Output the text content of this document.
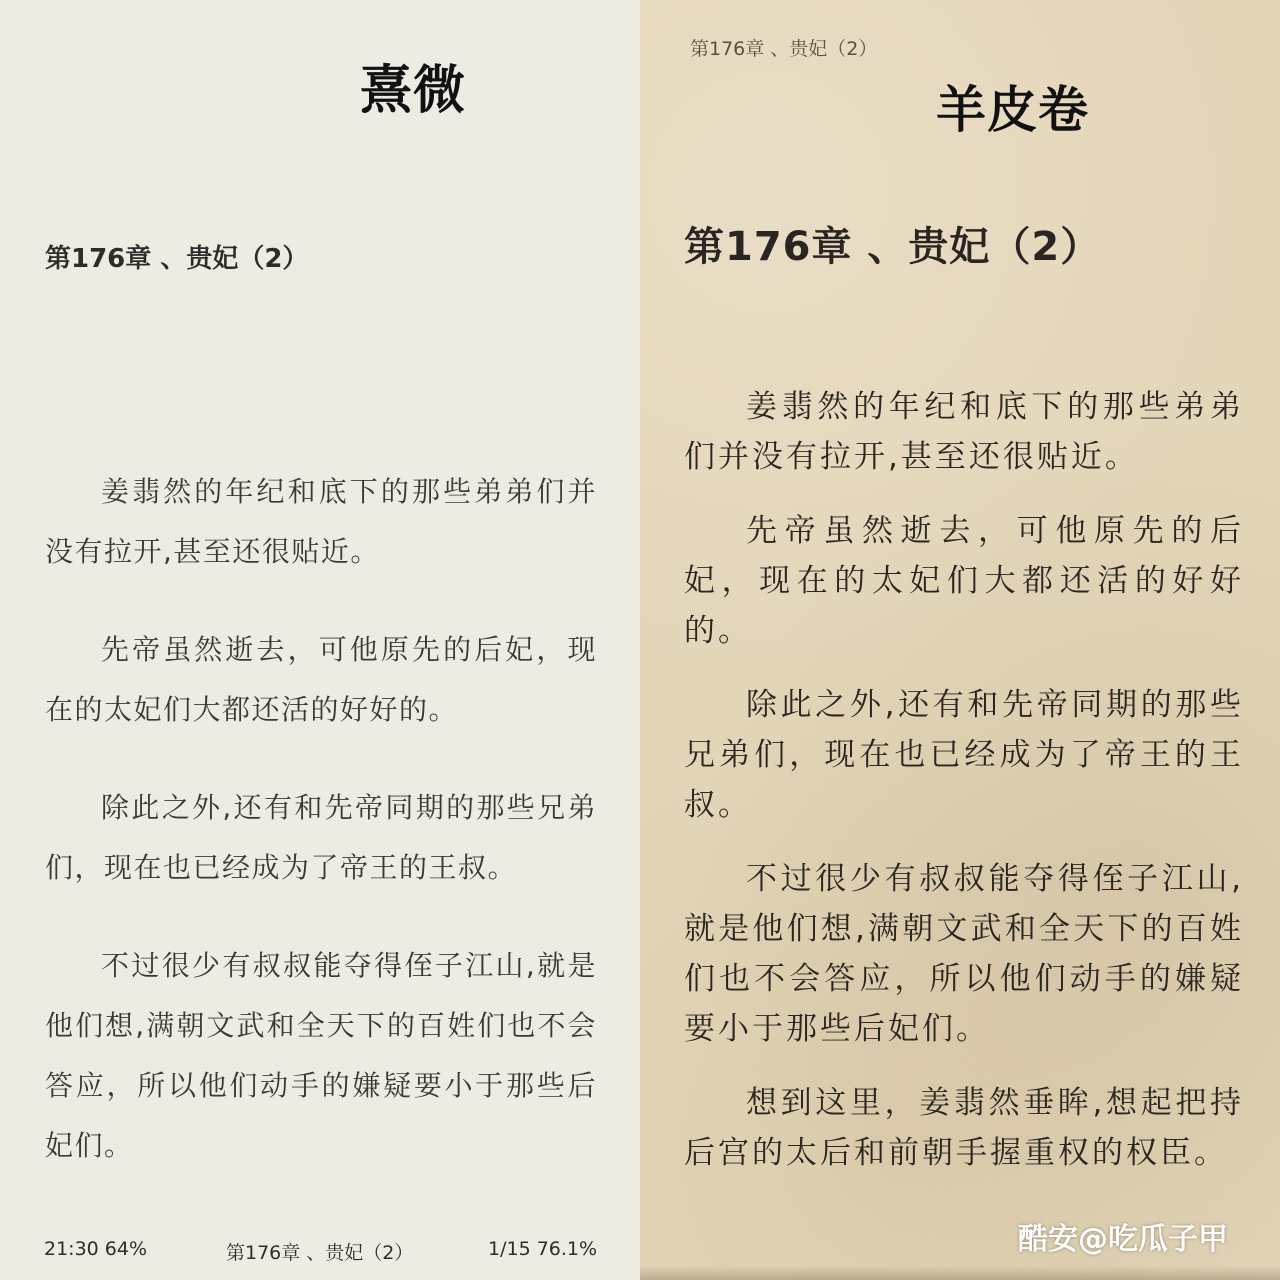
熹微
第176章 、贵妃（2）

姜翡然的年纪和底下的那些弟弟们并没有拉开,甚至还很贴近。

先帝虽然逝去，可他原先的后妃，现在的太妃们大都还活的好好的。

除此之外,还有和先帝同期的那些兄弟们，现在也已经成为了帝王的王叔。

不过很少有叔叔能夺得侄子江山,就是他们想,满朝文武和全天下的百姓们也不会答应，所以他们动手的嫌疑要小于那些后妃们。

21:30 64%	第176章 、贵妃（2）	1/15 76.1%
第176章 、贵妃（2）
羊皮卷
第176章 、贵妃（2）

姜翡然的年纪和底下的那些弟弟们并没有拉开,甚至还很贴近。

先帝虽然逝去，可他原先的后妃，现在的太妃们大都还活的好好的。

除此之外,还有和先帝同期的那些兄弟们，现在也已经成为了帝王的王叔。

不过很少有叔叔能夺得侄子江山,就是他们想,满朝文武和全天下的百姓们也不会答应，所以他们动手的嫌疑要小于那些后妃们。

想到这里，姜翡然垂眸,想起把持后宫的太后和前朝手握重权的权臣。

酷安@吃瓜子甲
